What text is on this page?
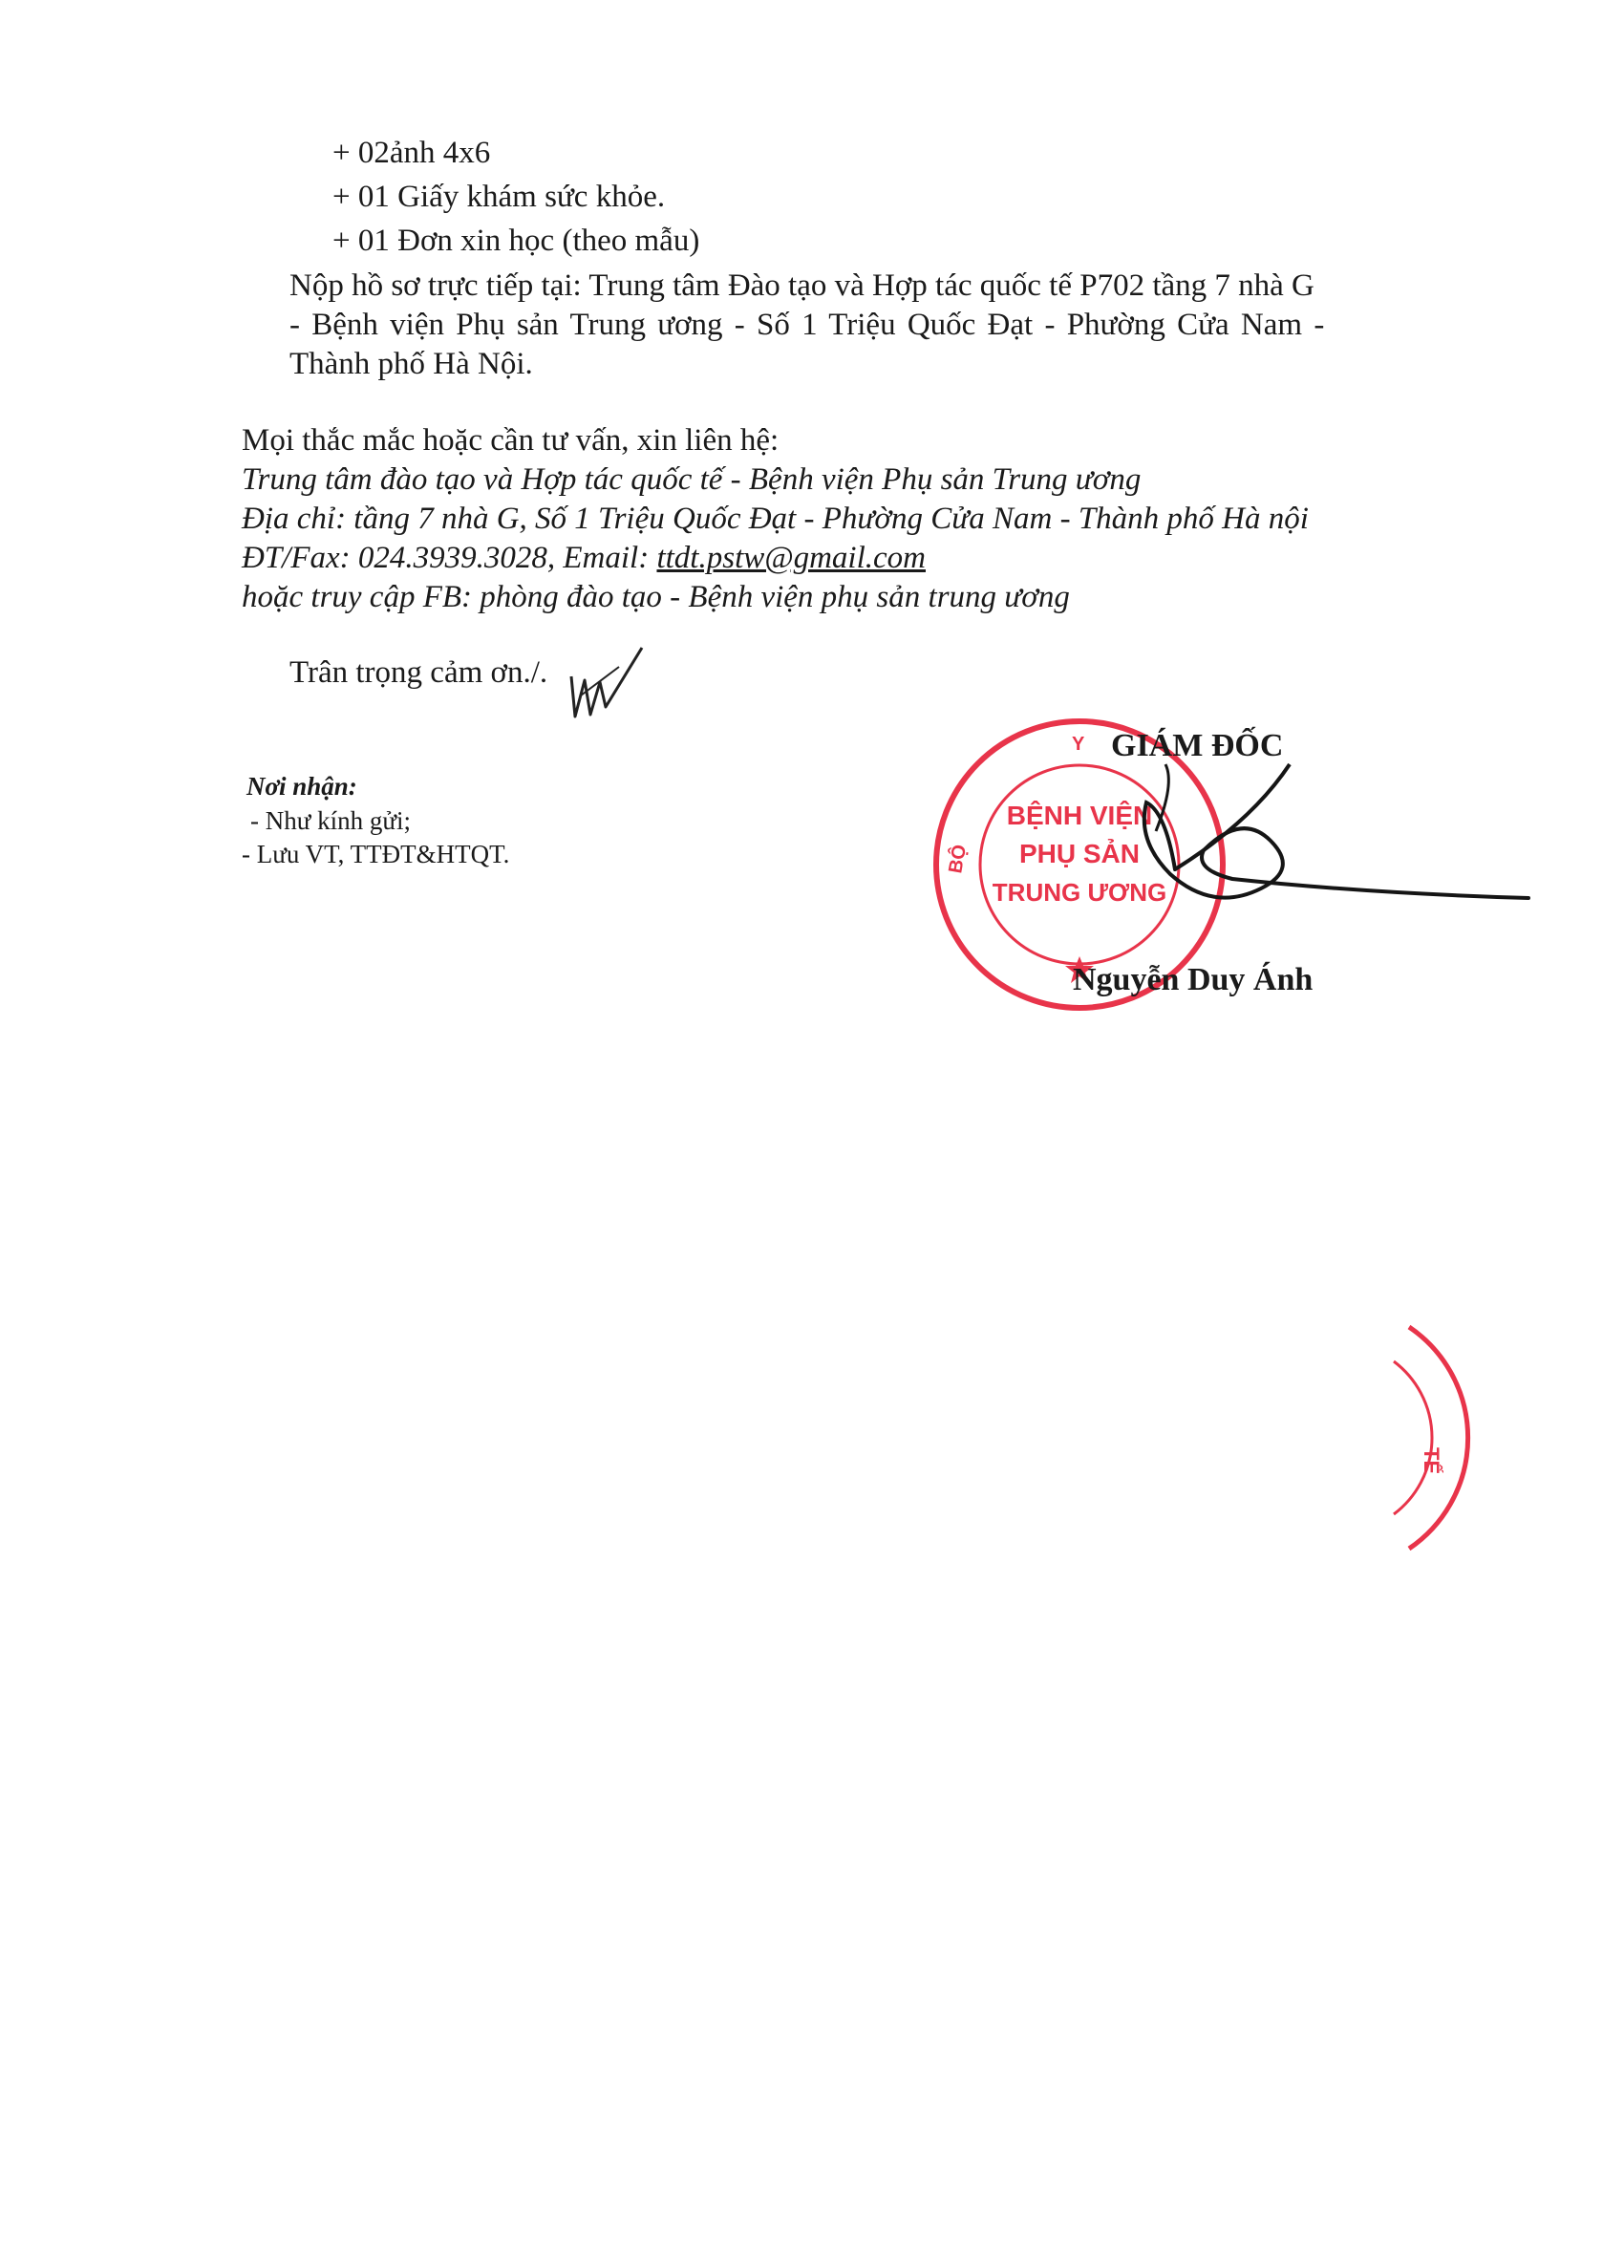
+ 02ảnh 4x6
+ 01 Giấy khám sức khỏe.
+ 01 Đơn xin học (theo mẫu)
Nộp hồ sơ trực tiếp tại: Trung tâm Đào tạo và Hợp tác quốc tế P702 tầng 7 nhà G
- Bệnh viện Phụ sản Trung ương - Số 1 Triệu Quốc Đạt - Phường Cửa Nam -
Thành phố Hà Nội.
Mọi thắc mắc hoặc cần tư vấn, xin liên hệ:
Trung tâm đào tạo và Hợp tác quốc tế - Bệnh viện Phụ sản Trung ương
Địa chỉ: tầng 7 nhà G, Số 1 Triệu Quốc Đạt - Phường Cửa Nam - Thành phố Hà nội
ĐT/Fax: 024.3939.3028, Email: ttdt.pstw@gmail.com
hoặc truy cập FB: phòng đào tạo - Bệnh viện phụ sản trung ương
Trân trọng cảm ơn./.
Nơi nhận:
- Như kính gửi;
- Lưu VT, TTĐT&HTQT.
Y
BỘ
BỆNH VIỆN
PHỤ SẢN
TRUNG ƯƠNG
GIÁM ĐỐC
Nguyễn Duy Ánh
TẾ
